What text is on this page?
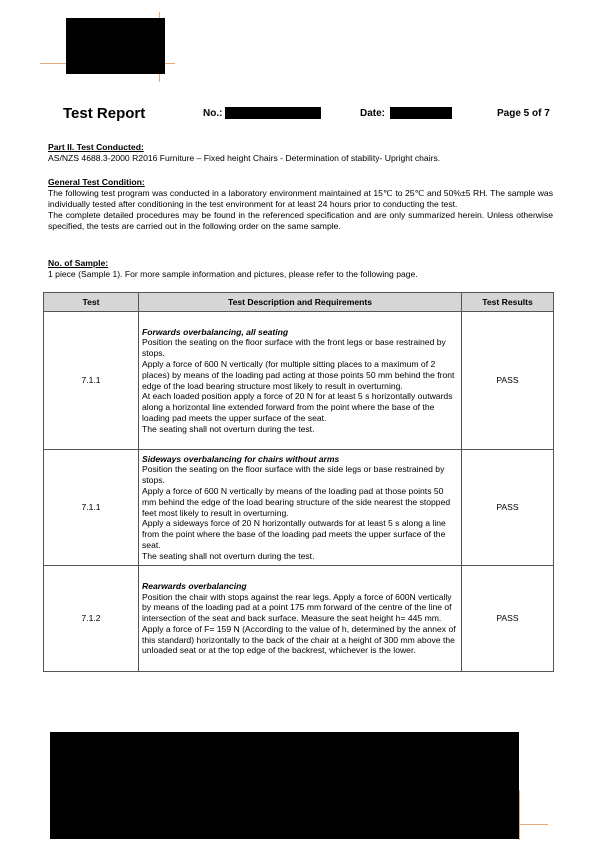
Test Report	No.:	Date:	Page 5 of 7

Part II. Test Conducted:

AS/NZS 4688.3-2000 R2016 Furniture – Fixed height Chairs - Determination of stability- Upright chairs.

General Test Condition:

The following test program was conducted in a laboratory environment maintained at 15℃ to 25℃ and 50%±5 RH. The sample was individually tested after conditioning in the test environment for at least 24 hours prior to conducting the test.

The complete detailed procedures may be found in the referenced specification and are only summarized herein. Unless otherwise specified, the tests are carried out in the following order on the same sample.

No. of Sample:

1 piece (Sample 1). For more sample information and pictures, please refer to the following page.

Test	Test Description and Requirements	Test Results
7.1.1	Forwards overbalancing, all seating
Position the seating on the floor surface with the front legs or base restrained by stops.
Apply a force of 600 N vertically (for multiple sitting places to a maximum of 2 places) by means of the loading pad acting at those points 50 mm behind the front edge of the load bearing structure most likely to result in overturning.
At each loaded position apply a force of 20 N for at least 5 s horizontally outwards along a horizontal line extended forward from the point where the base of the loading pad meets the upper surface of the seat.
The seating shall not overturn during the test.	PASS
7.1.1	Sideways overbalancing for chairs without arms
Position the seating on the floor surface with the side legs or base restrained by stops.
Apply a force of 600 N vertically by means of the loading pad at those points 50 mm behind the edge of the load bearing structure of the side nearest the stopped feet most likely to result in overturning.
Apply a sideways force of 20 N horizontally outwards for at least 5 s along a line from the point where the base of the loading pad meets the upper surface of the seat.
The seating shall not overturn during the test.	PASS
7.1.2	Rearwards overbalancing
Position the chair with stops against the rear legs. Apply a force of 600N vertically by means of the loading pad at a point 175 mm forward of the centre of the line of intersection of the seat and back surface. Measure the seat height h= 445 mm. Apply a force of F= 159 N (According to the value of h, determined by the annex of this standard) horizontally to the back of the chair at a height of 300 mm above the unloaded seat or at the top edge of the backrest, whichever is the lower.	PASS
